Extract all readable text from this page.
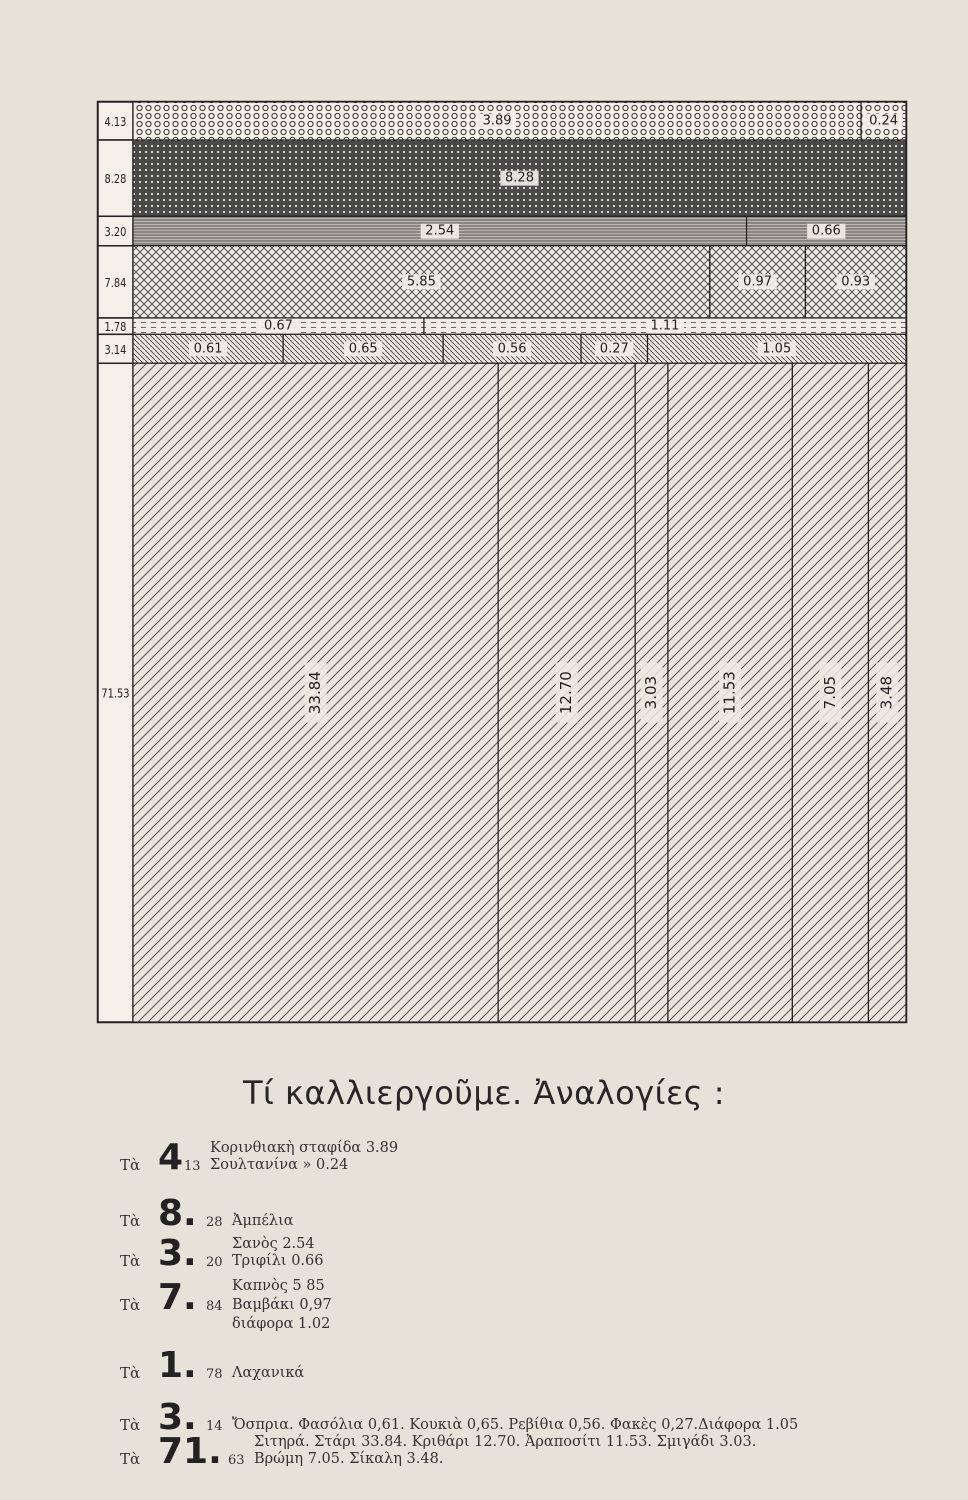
4.13	3.89	0.24
8.28	8.28
3.20	2.54	0.66
7.84	5.85	0.97	0.93
1.78	0.67	1.11
3.14	0.61	0.65	0.56	0.27	1.05
71.53	33.84	12.70	3.03	11.53	7.05	3.48
Τί καλλιεργοῦμε. Ἀναλογίες :
Τὰ 4 13
Κορινθιακὴ σταφίδα 3.89
Σουλτανίνα » 0.24
Τὰ 8. 28 Ἀμπέλια
Τὰ 3. 20
Σανὸς 2.54
Τριφίλι 0.66
Τὰ 7. 84
Καπνὸς 5 85
Βαμβάκι 0,97
διάφορα 1.02
Τὰ 1. 78 Λαχανικά
Τὰ 3. 14 Ὄσπρια. Φασόλια 0,61. Κουκιὰ 0,65. Ρεβίθια 0,56. Φακὲς 0,27.Διάφορα 1.05
Τὰ 71. 63
Σιτηρά. Στάρι 33.84. Κριθάρι 12.70. Ἀραποσίτι 11.53. Σμιγάδι 3.03.
Βρώμη 7.05. Σίκαλη 3.48.
